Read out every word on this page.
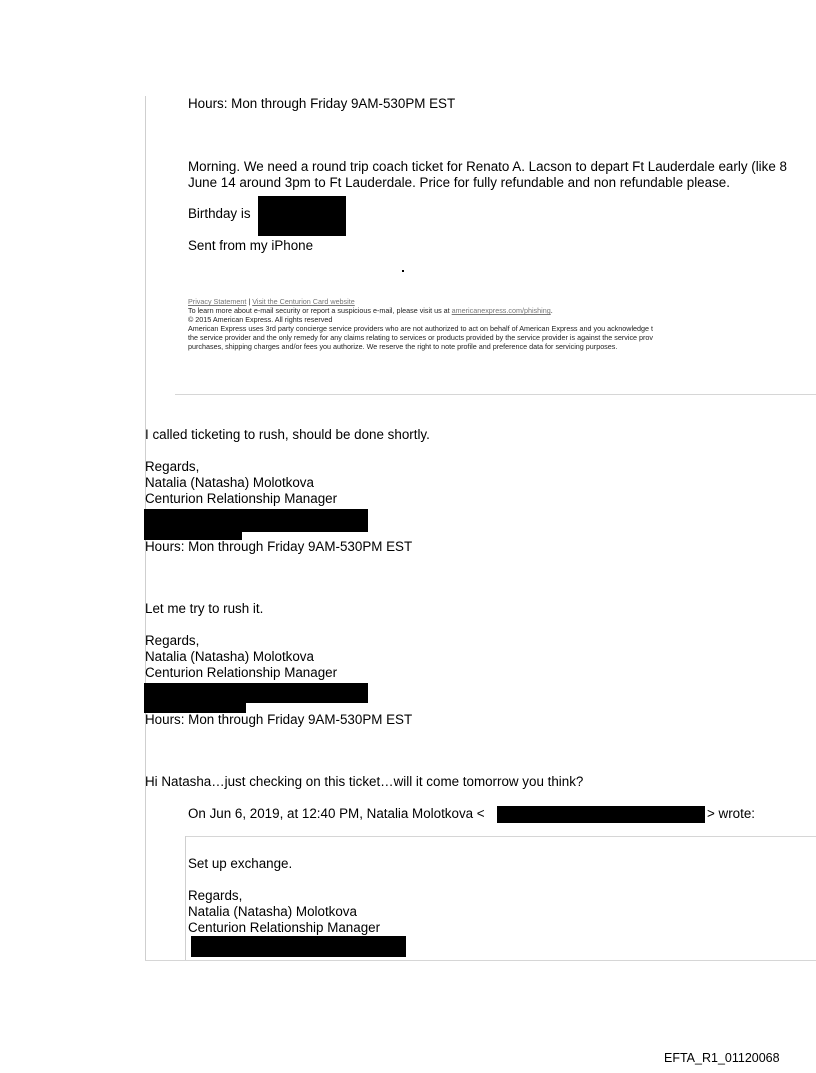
Hours: Mon through Friday 9AM-530PM EST
Morning. We need a round trip coach ticket for Renato A. Lacson to depart Ft Lauderdale early (like 8
June 14 around 3pm to Ft Lauderdale. Price for fully refundable and non refundable please.
Birthday is
Sent from my iPhone
Privacy Statement | Visit the Centurion Card website
To learn more about e-mail security or report a suspicious e-mail, please visit us at americanexpress.com/phishing.
© 2015 American Express. All rights reserved
American Express uses 3rd party concierge service providers who are not authorized to act on behalf of American Express and you acknowledge t
the service provider and the only remedy for any claims relating to services or products provided by the service provider is against the service prov
purchases, shipping charges and/or fees you authorize. We reserve the right to note profile and preference data for servicing purposes.
I called ticketing to rush, should be done shortly.
Regards,
Natalia (Natasha) Molotkova
Centurion Relationship Manager
Hours: Mon through Friday 9AM-530PM EST
Let me try to rush it.
Regards,
Natalia (Natasha) Molotkova
Centurion Relationship Manager
Hours: Mon through Friday 9AM-530PM EST
Hi Natasha…just checking on this ticket…will it come tomorrow you think?
On Jun 6, 2019, at 12:40 PM, Natalia Molotkova <	> wrote:
Set up exchange.
Regards,
Natalia (Natasha) Molotkova
Centurion Relationship Manager
EFTA_R1_01120068
